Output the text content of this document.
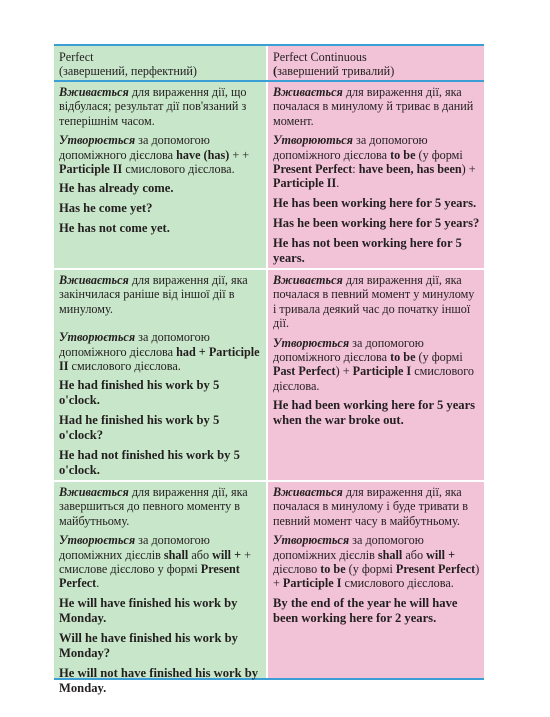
Perfect
(завершений, перфектний)
Perfect Continuous
(завершений тривалий)

Вживається для вираження дії, що відбулася; результат дії пов'язаний з теперішнім часом.

Утворюється за допомогою допоміжного дієслова have (has) + + Participle II смислового дієслова.

He has already come.
Has he come yet?
He has not come yet.

Вживається для вираження дії, яка почалася в минулому й триває в даний момент.

Утворюються за допомогою допоміжного дієслова to be (у формі Present Perfect: have been, has been) + Participle II.

He has been working here for 5 years.
Has he been working here for 5 years?
He has not been working here for 5 years.

Вживається для вираження дії, яка закінчилася раніше від іншої дії в минулому.

Утворюється за допомогою допоміжного дієслова had + Participle II смислового дієслова.

He had finished his work by 5 o'clock.
Had he finished his work by 5 o'clock?
He had not finished his work by 5 o'clock.

Вживається для вираження дії, яка почалася в певний момент у минулому і тривала деякий час до початку іншої дії.

Утворюється за допомогою допоміжного дієслова to be (у формі Past Perfect) + Participle I смислового дієслова.

He had been working here for 5 years when the war broke out.

Вживається для вираження дії, яка завершиться до певного моменту в майбутньому.

Утворюється за допомогою допоміжних дієслів shall або will + + смислове дієслово у формі Present Perfect.

He will have finished his work by Monday.
Will he have finished his work by Monday?
He will not have finished his work by Monday.

Вживається для вираження дії, яка почалася в минулому і буде тривати в певний момент часу в майбутньому.

Утворюється за допомогою допоміжних дієслів shall або will + дієслово to be (у формі Present Perfect) + Participle I смислового дієслова.

By the end of the year he will have been working here for 2 years.
